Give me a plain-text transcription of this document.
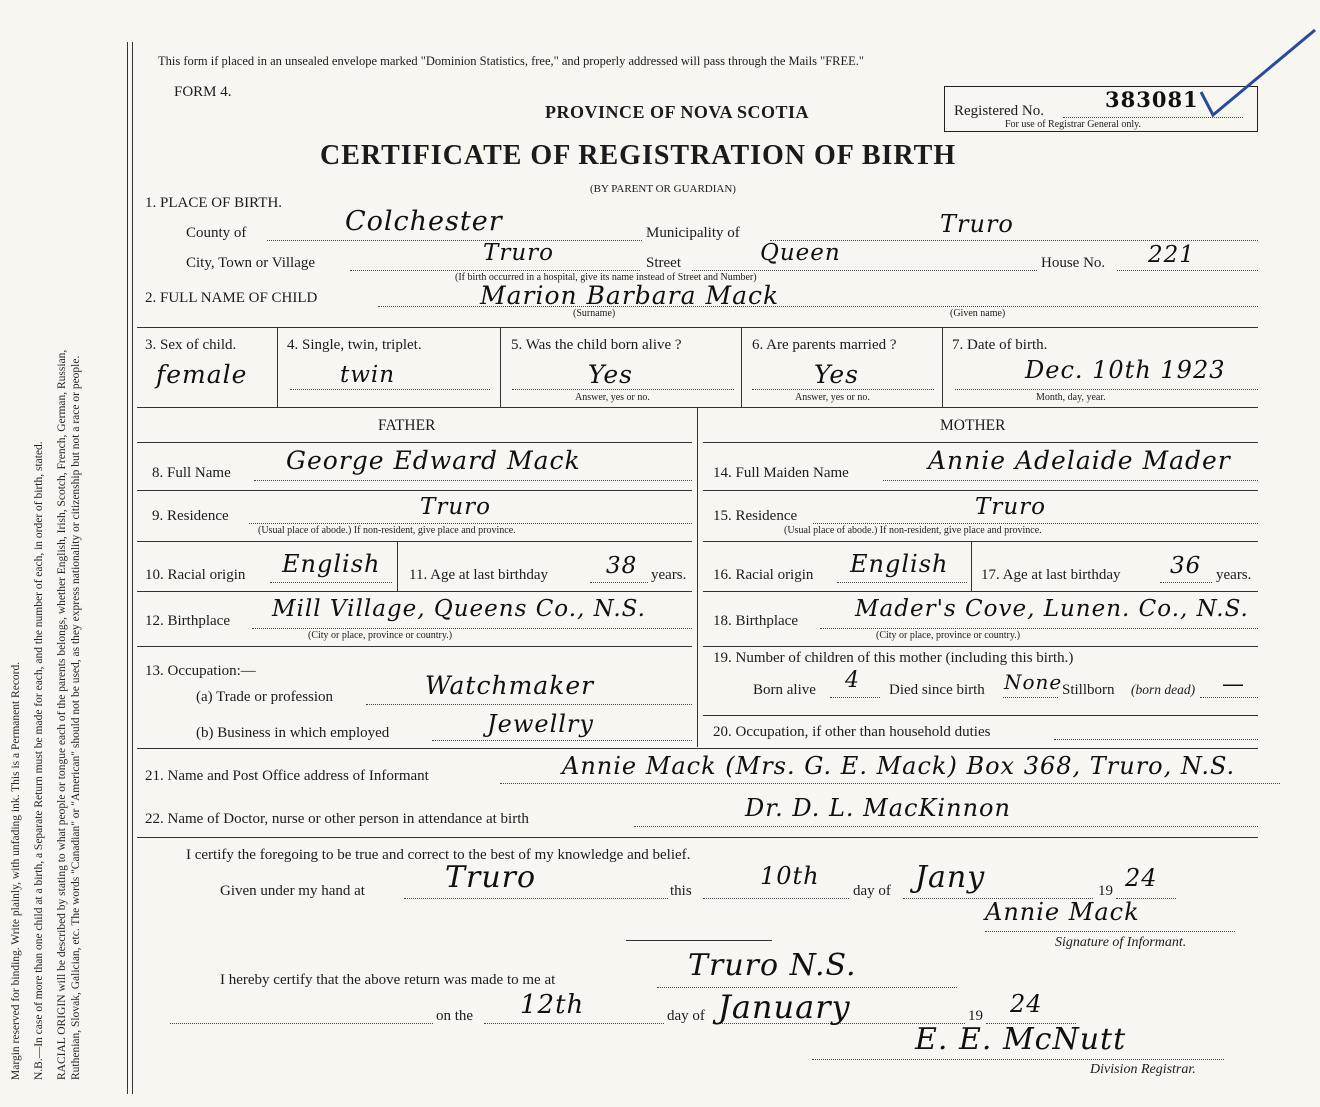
Margin reserved for binding. Write plainly, with unfading ink. This is a Permanent Record. N.B.—In case of more than one child at a birth, a Separate Return must be made for each, and the number of each, in order of birth, stated. RACIAL ORIGIN will be described by stating to what people or tongue each of the parents belongs, whether English, Irish, Scotch, French, German, Russian, Ruthenian, Slovak, Galician, etc. The words "Canadian" or "American" should not be used, as they express nationality or citizenship but not a race or people.
This form if placed in an unsealed envelope marked "Dominion Statistics, free," and properly addressed will pass through the Mails "FREE."
FORM 4.
PROVINCE OF NOVA SCOTIA
CERTIFICATE OF REGISTRATION OF BIRTH
(BY PARENT OR GUARDIAN)
Registered No.	383081
For use of Registrar General only.
1. PLACE OF BIRTH.
County of	Colchester	Municipality of	Truro
City, Town or Village	Truro	Street	Queen	House No. 221
(If birth occurred in a hospital, give its name instead of Street and Number)
2. FULL NAME OF CHILD	Marion Barbara Mack
(Surname)	(Given name)
3. Sex of child.
female
4. Single, twin, triplet.
twin
5. Was the child born alive ?
Yes
Answer, yes or no.
6. Are parents married ?
Yes
Answer, yes or no.
7. Date of birth.
Dec. 10th 1923
Month, day, year.
FATHER	MOTHER
8. Full Name George Edward Mack
9. Residence	Truro
(Usual place of abode.) If non-resident, give place and province.
10. Racial origin English 11. Age at last birthday	38 years.
12. Birthplace Mill Village, Queens Co., N.S.
(City or place, province or country.)
13. Occupation:—
(a) Trade or profession	Watchmaker
(b) Business in which employed	Jewellry
14. Full Maiden Name	Annie Adelaide Mader
15. Residence	Truro
(Usual place of abode.) If non-resident, give place and province.
16. Racial origin English 17. Age at last birthday 36 years.
18. Birthplace Mader's Cove, Lunen. Co., N.S.
(City or place, province or country.)
19. Number of children of this mother (including this birth.)
Born alive 4 Died since birth None Stillborn (born dead) —
20. Occupation, if other than household duties
21. Name and Post Office address of Informant	Annie Mack (Mrs. G. E. Mack) Box 368, Truro, N.S.
22. Name of Doctor, nurse or other person in attendance at birth	Dr. D. L. MacKinnon
I certify the foregoing to be true and correct to the best of my knowledge and belief.
Given under my hand at	Truro	this
10th
day of Jany	19 24
Annie Mack
Signature of Informant.
I hereby certify that the above return was made to me at	Truro N.S.
on the 12th	day of January	19 24
E. E. McNutt
Division Registrar.
